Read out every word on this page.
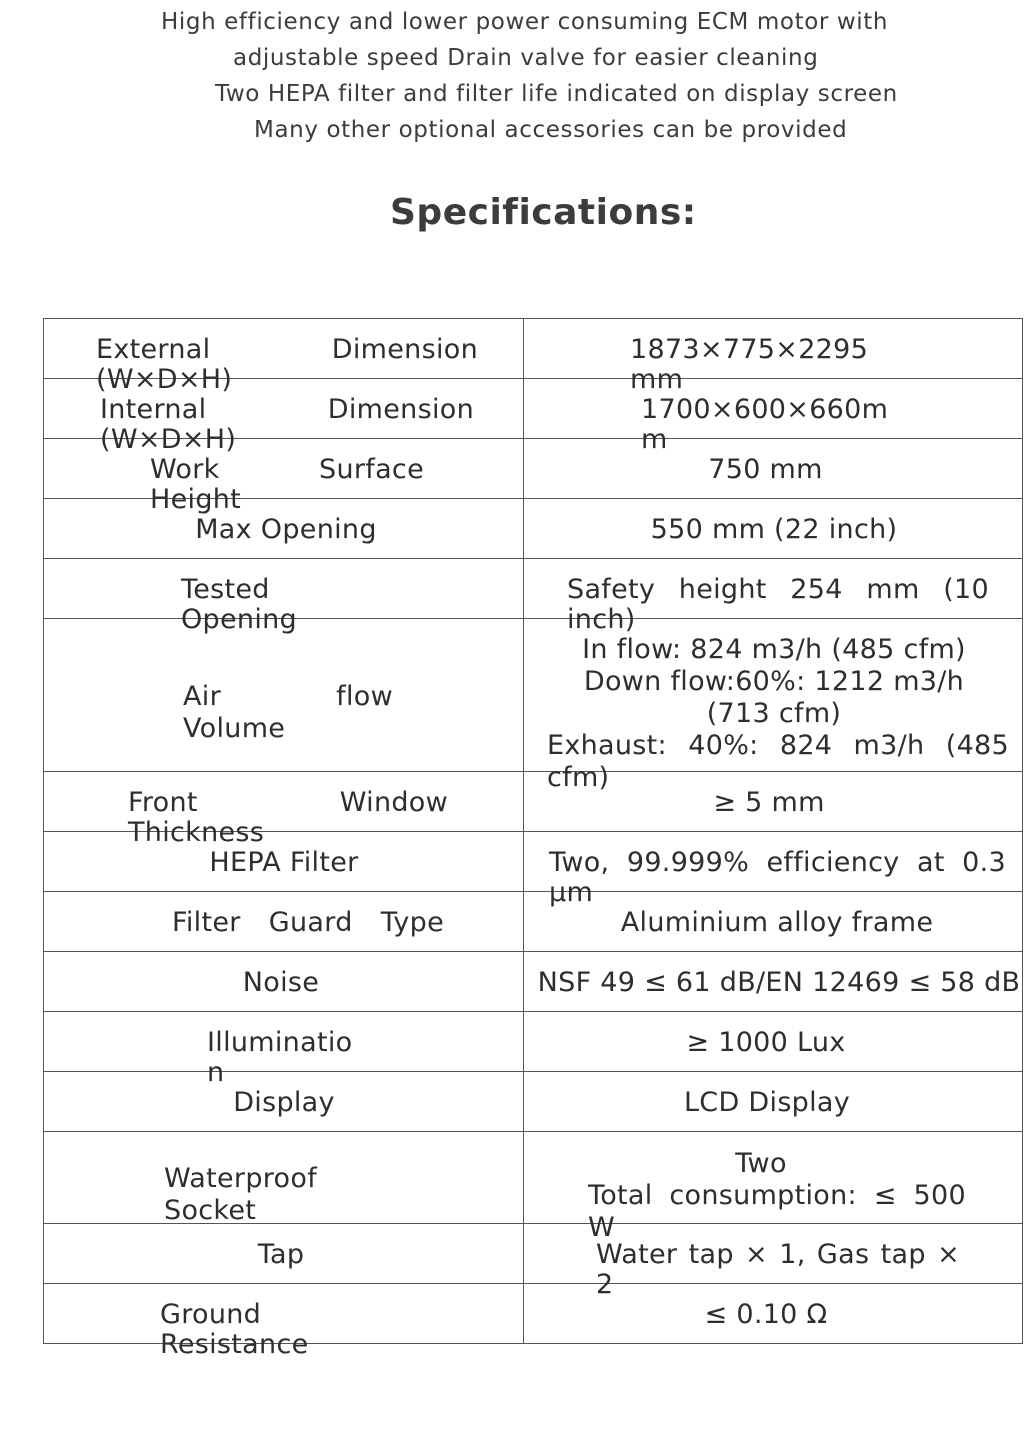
High efficiency and lower power consuming ECM motor with
adjustable speed Drain valve for easier cleaning
Two HEPA filter and filter life indicated on display screen
Many other optional accessories can be provided
Specifications:
External Dimension (W×D×H)	1873×775×2295 mm

Internal Dimension (W×D×H)	1700×600×660mm

Work Surface Height	750 mm

Max Opening	550 mm (22 inch)

Tested Opening	Safety height 254 mm (10 inch)

Air flow Volume	In flow: 824 m3/h (485 cfm)
Down flow:60%: 1212 m3/h
(713 cfm)
Exhaust: 40%: 824 m3/h (485 cfm)

Front Window Thickness	≥ 5 mm

HEPA Filter	Two, 99.999% efficiency at 0.3 μm

Filter Guard Type	Aluminium alloy frame

Noise	NSF 49 ≤ 61 dB/EN 12469 ≤ 58 dB

Illumination	≥ 1000 Lux

Display	LCD Display

Waterproof Socket	Two
Total consumption: ≤ 500 W

Tap	Water tap × 1, Gas tap × 2

Ground Resistance	≤ 0.10 Ω
